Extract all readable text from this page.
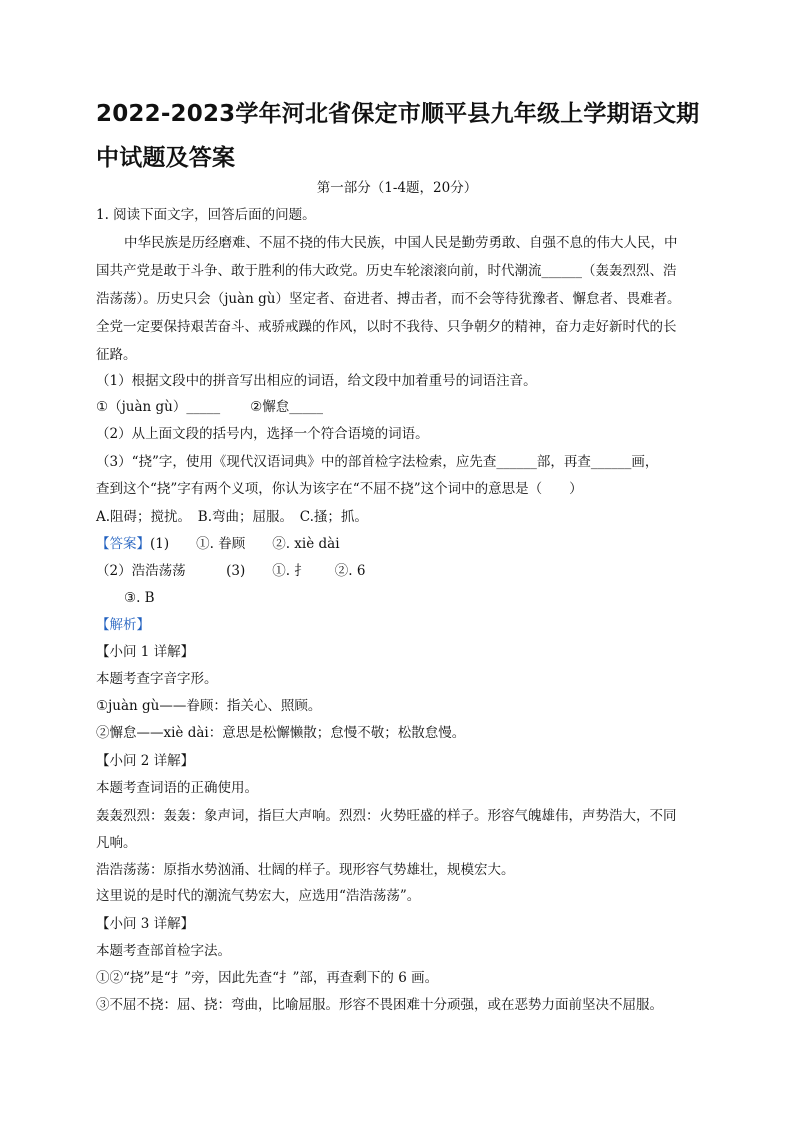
2022-2023学年河北省保定市顺平县九年级上学期语文期中试题及答案
第一部分（1-4题，20分）
1. 阅读下面文字，回答后面的问题。
中华民族是历经磨难、不屈不挠的伟大民族，中国人民是勤劳勇敢、自强不息的伟大人民，中
国共产党是敢于斗争、敢于胜利的伟大政党。历史车轮滚滚向前，时代潮流______（轰轰烈烈、浩
浩荡荡）。历史只会（juàn gù）坚定者、奋进者、搏击者，而不会等待犹豫者、懈怠者、畏难者。
全党一定要保持艰苦奋斗、戒骄戒躁的作风，以时不我待、只争朝夕的精神，奋力走好新时代的长
征路。
（1）根据文段中的拼音写出相应的词语，给文段中加着重号的词语注音。
①（juàn gù）_____ ②懈怠_____
（2）从上面文段的括号内，选择一个符合语境的词语。
（3）“挠”字，使用《现代汉语词典》中的部首检字法检索，应先查______部，再查______画，
查到这个“挠”字有两个义项，你认为该字在“不屈不挠”这个词中的意思是（　　）
A.阻碍；搅扰。　B.弯曲；屈服。　C.搔；抓。
【答案】(1)　　①. 眷顾　　②. xiè dài
（2）浩浩荡荡　　　(3)　　①. 扌　　②. 6
③. B
【解析】
【小问 1 详解】
本题考查字音字形。
①juàn gù——眷顾：指关心、照顾。
②懈怠——xiè dài：意思是松懈懒散；怠慢不敬；松散怠慢。
【小问 2 详解】
本题考查词语的正确使用。
轰轰烈烈：轰轰：象声词，指巨大声响。烈烈：火势旺盛的样子。形容气魄雄伟，声势浩大，不同
凡响。
浩浩荡荡：原指水势汹涌、壮阔的样子。现形容气势雄壮，规模宏大。
这里说的是时代的潮流气势宏大，应选用“浩浩荡荡”。
【小问 3 详解】
本题考查部首检字法。
①②“挠”是“扌”旁，因此先查“扌”部，再查剩下的 6 画。
③不屈不挠：屈、挠：弯曲，比喻屈服。形容不畏困难十分顽强，或在恶势力面前坚决不屈服。
